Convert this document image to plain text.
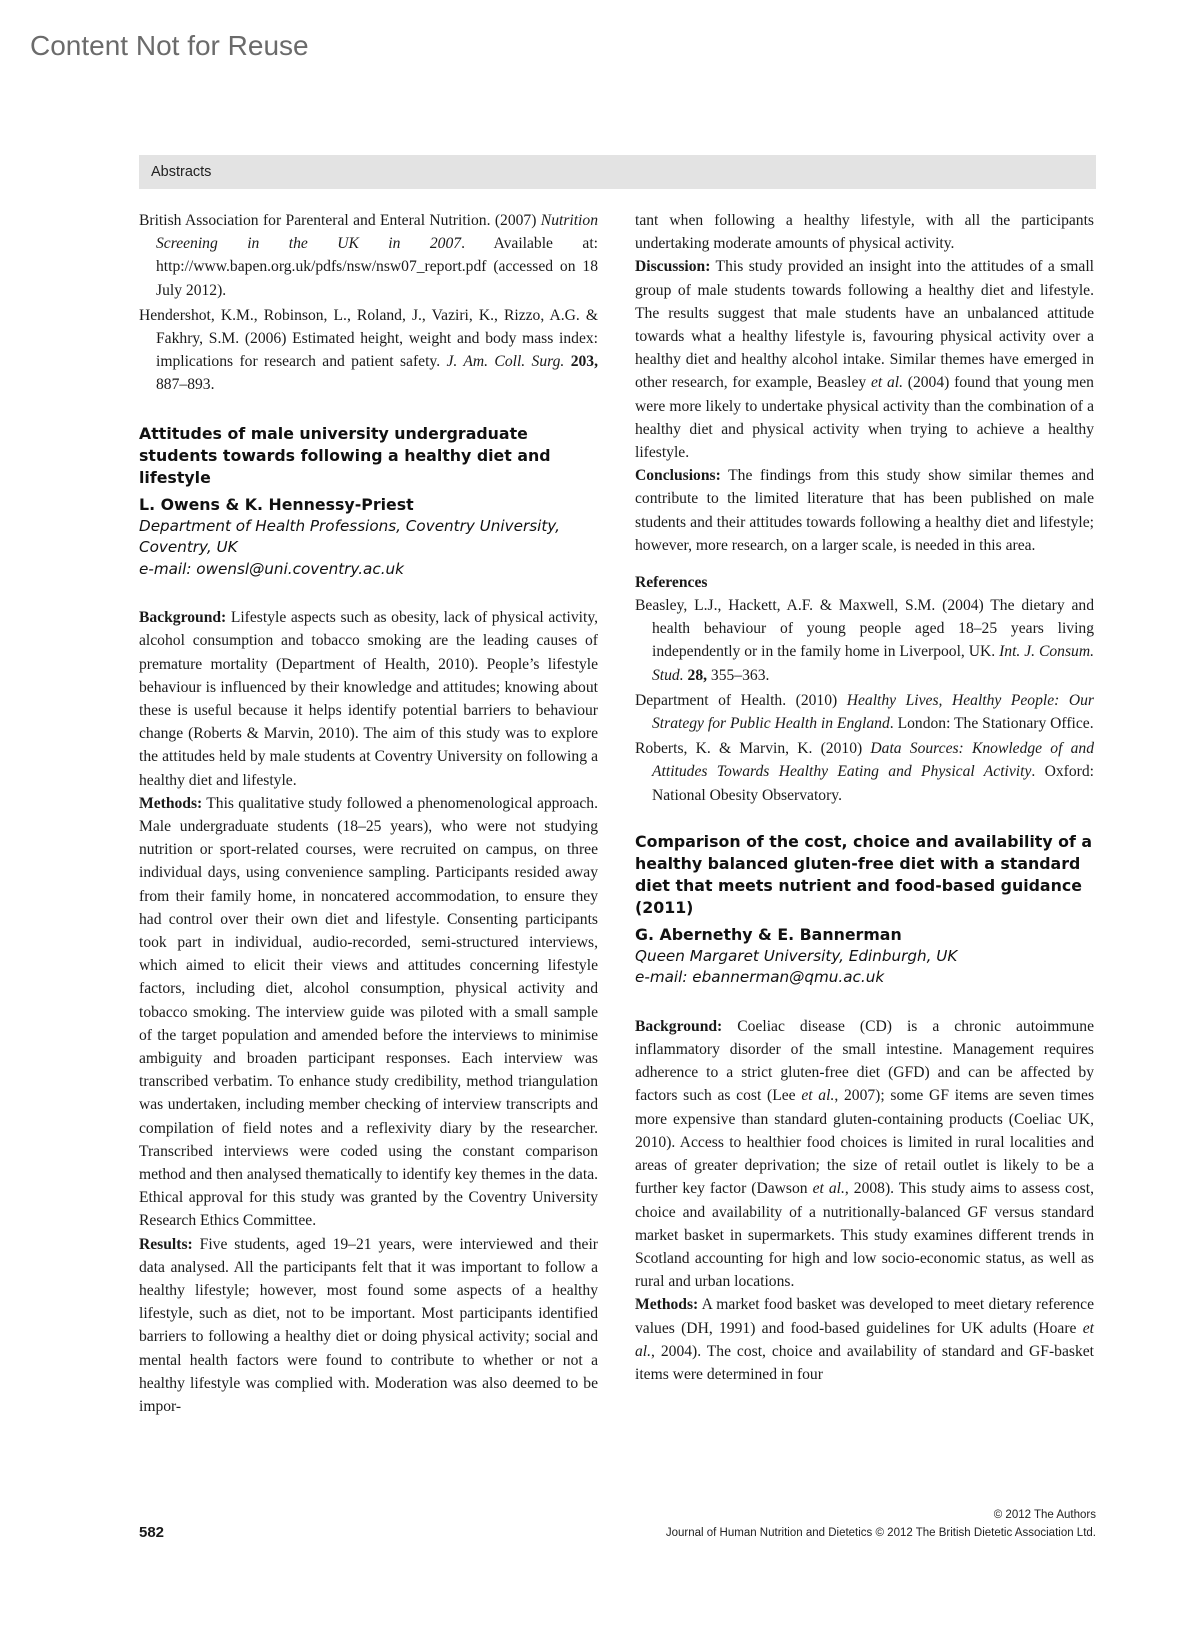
Content Not for Reuse
Abstracts

British Association for Parenteral and Enteral Nutrition. (2007) Nutrition Screening in the UK in 2007. Available at: http://www.bapen.org.uk/pdfs/nsw/nsw07_report.pdf (accessed on 18 July 2012).

Hendershot, K.M., Robinson, L., Roland, J., Vaziri, K., Rizzo, A.G. & Fakhry, S.M. (2006) Estimated height, weight and body mass index: implications for research and patient safety. J. Am. Coll. Surg. 203, 887–893.

Attitudes of male university undergraduate students towards following a healthy diet and lifestyle
L. Owens & K. Hennessy-Priest
Department of Health Professions, Coventry University, Coventry, UK
e-mail: owensl@uni.coventry.ac.uk

Background: Lifestyle aspects such as obesity, lack of physical activity, alcohol consumption and tobacco smoking are the leading causes of premature mortality (Department of Health, 2010). People’s lifestyle behaviour is influenced by their knowledge and attitudes; knowing about these is useful because it helps identify potential barriers to behaviour change (Roberts & Marvin, 2010). The aim of this study was to explore the attitudes held by male students at Coventry University on following a healthy diet and lifestyle.

Methods: This qualitative study followed a phenomenological approach. Male undergraduate students (18–25 years), who were not studying nutrition or sport-related courses, were recruited on campus, on three individual days, using convenience sampling. Participants resided away from their family home, in noncatered accommodation, to ensure they had control over their own diet and lifestyle. Consenting participants took part in individual, audio-recorded, semi-structured interviews, which aimed to elicit their views and attitudes concerning lifestyle factors, including diet, alcohol consumption, physical activity and tobacco smoking. The interview guide was piloted with a small sample of the target population and amended before the interviews to minimise ambiguity and broaden participant responses. Each interview was transcribed verbatim. To enhance study credibility, method triangulation was undertaken, including member checking of interview transcripts and compilation of field notes and a reflexivity diary by the researcher. Transcribed interviews were coded using the constant comparison method and then analysed thematically to identify key themes in the data. Ethical approval for this study was granted by the Coventry University Research Ethics Committee.

Results: Five students, aged 19–21 years, were interviewed and their data analysed. All the participants felt that it was important to follow a healthy lifestyle; however, most found some aspects of a healthy lifestyle, such as diet, not to be important. Most participants identified barriers to following a healthy diet or doing physical activity; social and mental health factors were found to contribute to whether or not a healthy lifestyle was complied with. Moderation was also deemed to be impor-

tant when following a healthy lifestyle, with all the participants undertaking moderate amounts of physical activity.

Discussion: This study provided an insight into the attitudes of a small group of male students towards following a healthy diet and lifestyle. The results suggest that male students have an unbalanced attitude towards what a healthy lifestyle is, favouring physical activity over a healthy diet and healthy alcohol intake. Similar themes have emerged in other research, for example, Beasley et al. (2004) found that young men were more likely to undertake physical activity than the combination of a healthy diet and physical activity when trying to achieve a healthy lifestyle.

Conclusions: The findings from this study show similar themes and contribute to the limited literature that has been published on male students and their attitudes towards following a healthy diet and lifestyle; however, more research, on a larger scale, is needed in this area.

References

Beasley, L.J., Hackett, A.F. & Maxwell, S.M. (2004) The dietary and health behaviour of young people aged 18–25 years living independently or in the family home in Liverpool, UK. Int. J. Consum. Stud. 28, 355–363.

Department of Health. (2010) Healthy Lives, Healthy People: Our Strategy for Public Health in England. London: The Stationary Office.

Roberts, K. & Marvin, K. (2010) Data Sources: Knowledge of and Attitudes Towards Healthy Eating and Physical Activity. Oxford: National Obesity Observatory.

Comparison of the cost, choice and availability of a healthy balanced gluten-free diet with a standard diet that meets nutrient and food-based guidance (2011)
G. Abernethy & E. Bannerman
Queen Margaret University, Edinburgh, UK
e-mail: ebannerman@qmu.ac.uk

Background: Coeliac disease (CD) is a chronic autoimmune inflammatory disorder of the small intestine. Management requires adherence to a strict gluten-free diet (GFD) and can be affected by factors such as cost (Lee et al., 2007); some GF items are seven times more expensive than standard gluten-containing products (Coeliac UK, 2010). Access to healthier food choices is limited in rural localities and areas of greater deprivation; the size of retail outlet is likely to be a further key factor (Dawson et al., 2008). This study aims to assess cost, choice and availability of a nutritionally-balanced GF versus standard market basket in supermarkets. This study examines different trends in Scotland accounting for high and low socio-economic status, as well as rural and urban locations.

Methods: A market food basket was developed to meet dietary reference values (DH, 1991) and food-based guidelines for UK adults (Hoare et al., 2004). The cost, choice and availability of standard and GF-basket items were determined in four

582
© 2012 The Authors
Journal of Human Nutrition and Dietetics © 2012 The British Dietetic Association Ltd.
